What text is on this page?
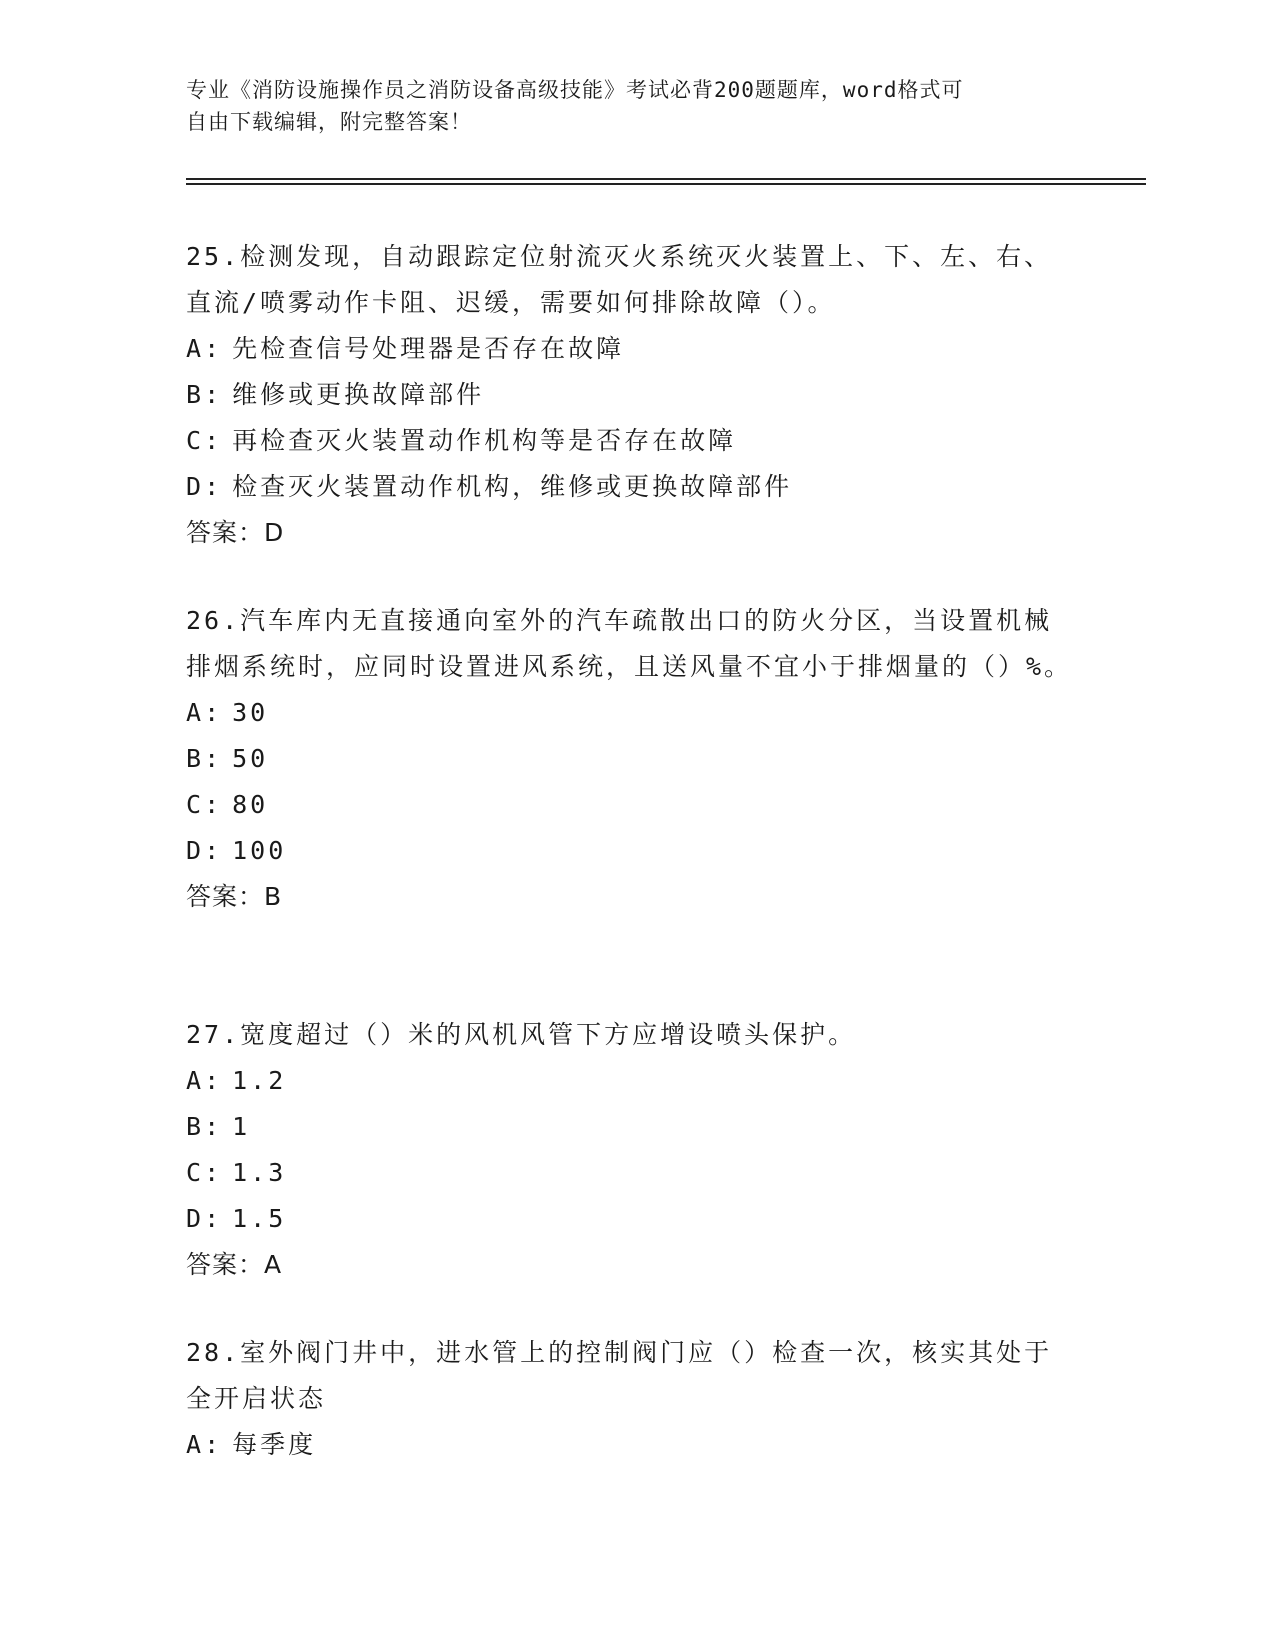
专业《消防设施操作员之消防设备高级技能》考试必背200题题库，word格式可
自由下载编辑，附完整答案！

25.检测发现，自动跟踪定位射流灭火系统灭火装置上、下、左、右、直流/喷雾动作卡阻、迟缓，需要如何排除故障（）。

A: 先检查信号处理器是否存在故障

B: 维修或更换故障部件

C: 再检查灭火装置动作机构等是否存在故障

D: 检查灭火装置动作机构，维修或更换故障部件

答案：D

26.汽车库内无直接通向室外的汽车疏散出口的防火分区，当设置机械排烟系统时，应同时设置进风系统，且送风量不宜小于排烟量的（）%。

A: 30

B: 50

C: 80

D: 100

答案：B

27.宽度超过（）米的风机风管下方应增设喷头保护。

A: 1.2

B: 1

C: 1.3

D: 1.5

答案：A

28.室外阀门井中，进水管上的控制阀门应（）检查一次，核实其处于全开启状态

A: 每季度
